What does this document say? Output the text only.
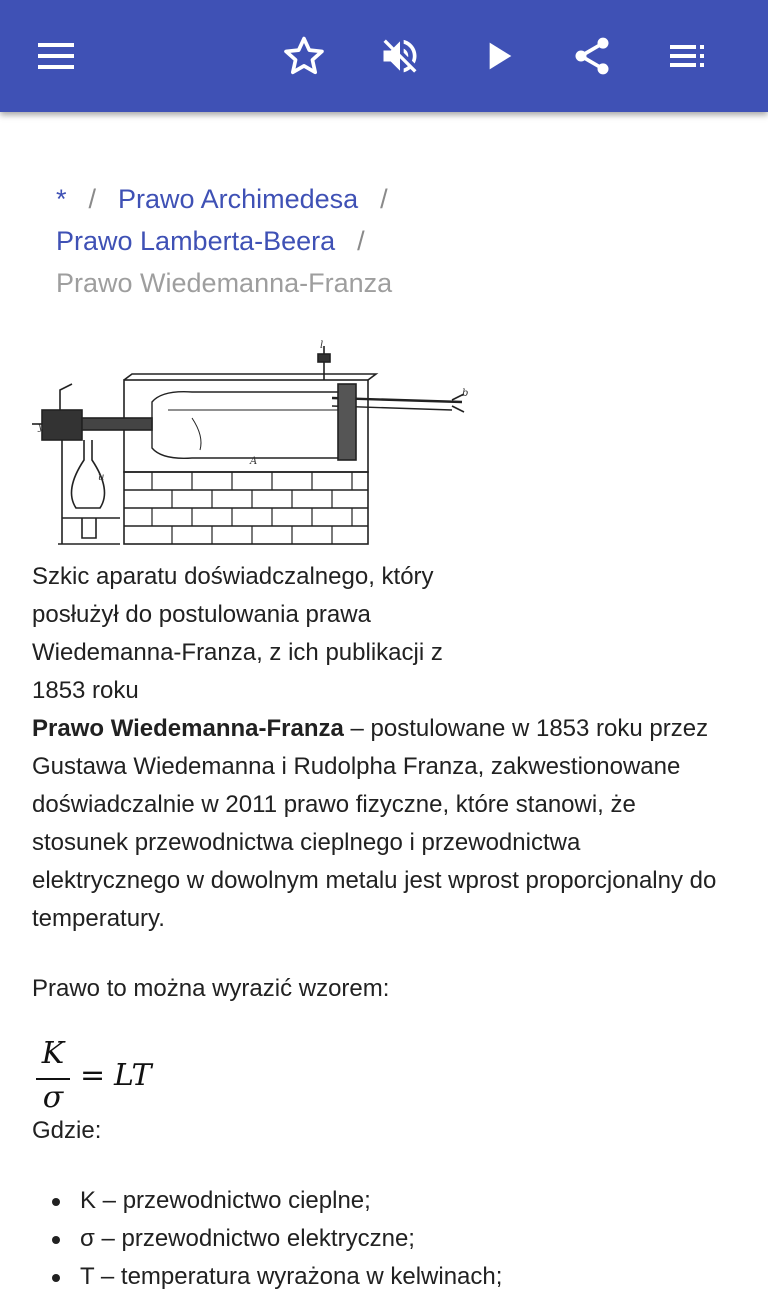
* / Prawo Archimedesa /
Prawo Lamberta-Beera /
Prawo Wiedemanna-Franza
A
l
y
b
u
Szkic aparatu doświadczalnego, który posłużył do postulowania prawa Wiedemanna-Franza, z ich publikacji z 1853 roku
Prawo Wiedemanna-Franza – postulowane w 1853 roku przez Gustawa Wiedemanna i Rudolpha Franza, zakwestionowane doświadczalnie w 2011 prawo fizyczne, które stanowi, że stosunek przewodnictwa cieplnego i przewodnictwa elektrycznego w dowolnym metalu jest wprost proporcjonalny do temperatury.
Prawo to można wyrazić wzorem:
K
σ
= LT
Gdzie:
K – przewodnictwo cieplne;
σ – przewodnictwo elektryczne;
T – temperatura wyrażona w kelwinach;
